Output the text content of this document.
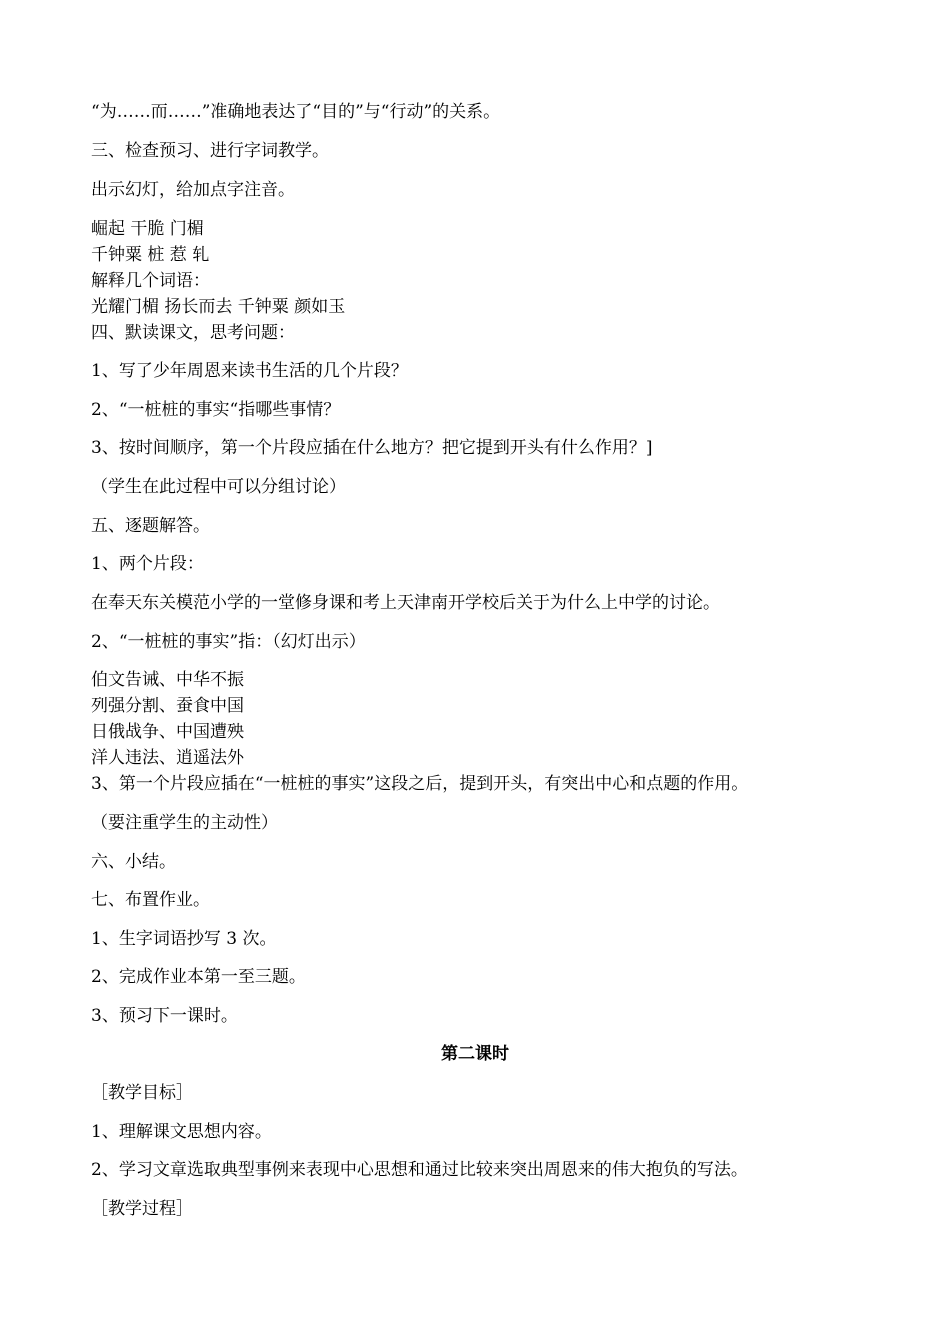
“为……而……”准确地表达了“目的”与“行动”的关系。
三、检查预习、进行字词教学。
出示幻灯，给加点字注音。
崛起 干脆 门楣
千钟粟 桩 惹 轧
解释几个词语：
光耀门楣 扬长而去 千钟粟 颜如玉
四、默读课文，思考问题：
1、写了少年周恩来读书生活的几个片段？
2、“一桩桩的事实“指哪些事情？
3、按时间顺序，第一个片段应插在什么地方？把它提到开头有什么作用？]
（学生在此过程中可以分组讨论）
五、逐题解答。
1、两个片段：
在奉天东关模范小学的一堂修身课和考上天津南开学校后关于为什么上中学的讨论。
2、“一桩桩的事实”指：（幻灯出示）
伯文告诫、中华不振
列强分割、蚕食中国
日俄战争、中国遭殃
洋人违法、逍遥法外
3、第一个片段应插在“一桩桩的事实”这段之后，提到开头，有突出中心和点题的作用。
（要注重学生的主动性）
六、小结。
七、布置作业。
1、生字词语抄写 3 次。
2、完成作业本第一至三题。
3、预习下一课时。
第二课时
［教学目标］
1、理解课文思想内容。
2、学习文章选取典型事例来表现中心思想和通过比较来突出周恩来的伟大抱负的写法。
［教学过程］
